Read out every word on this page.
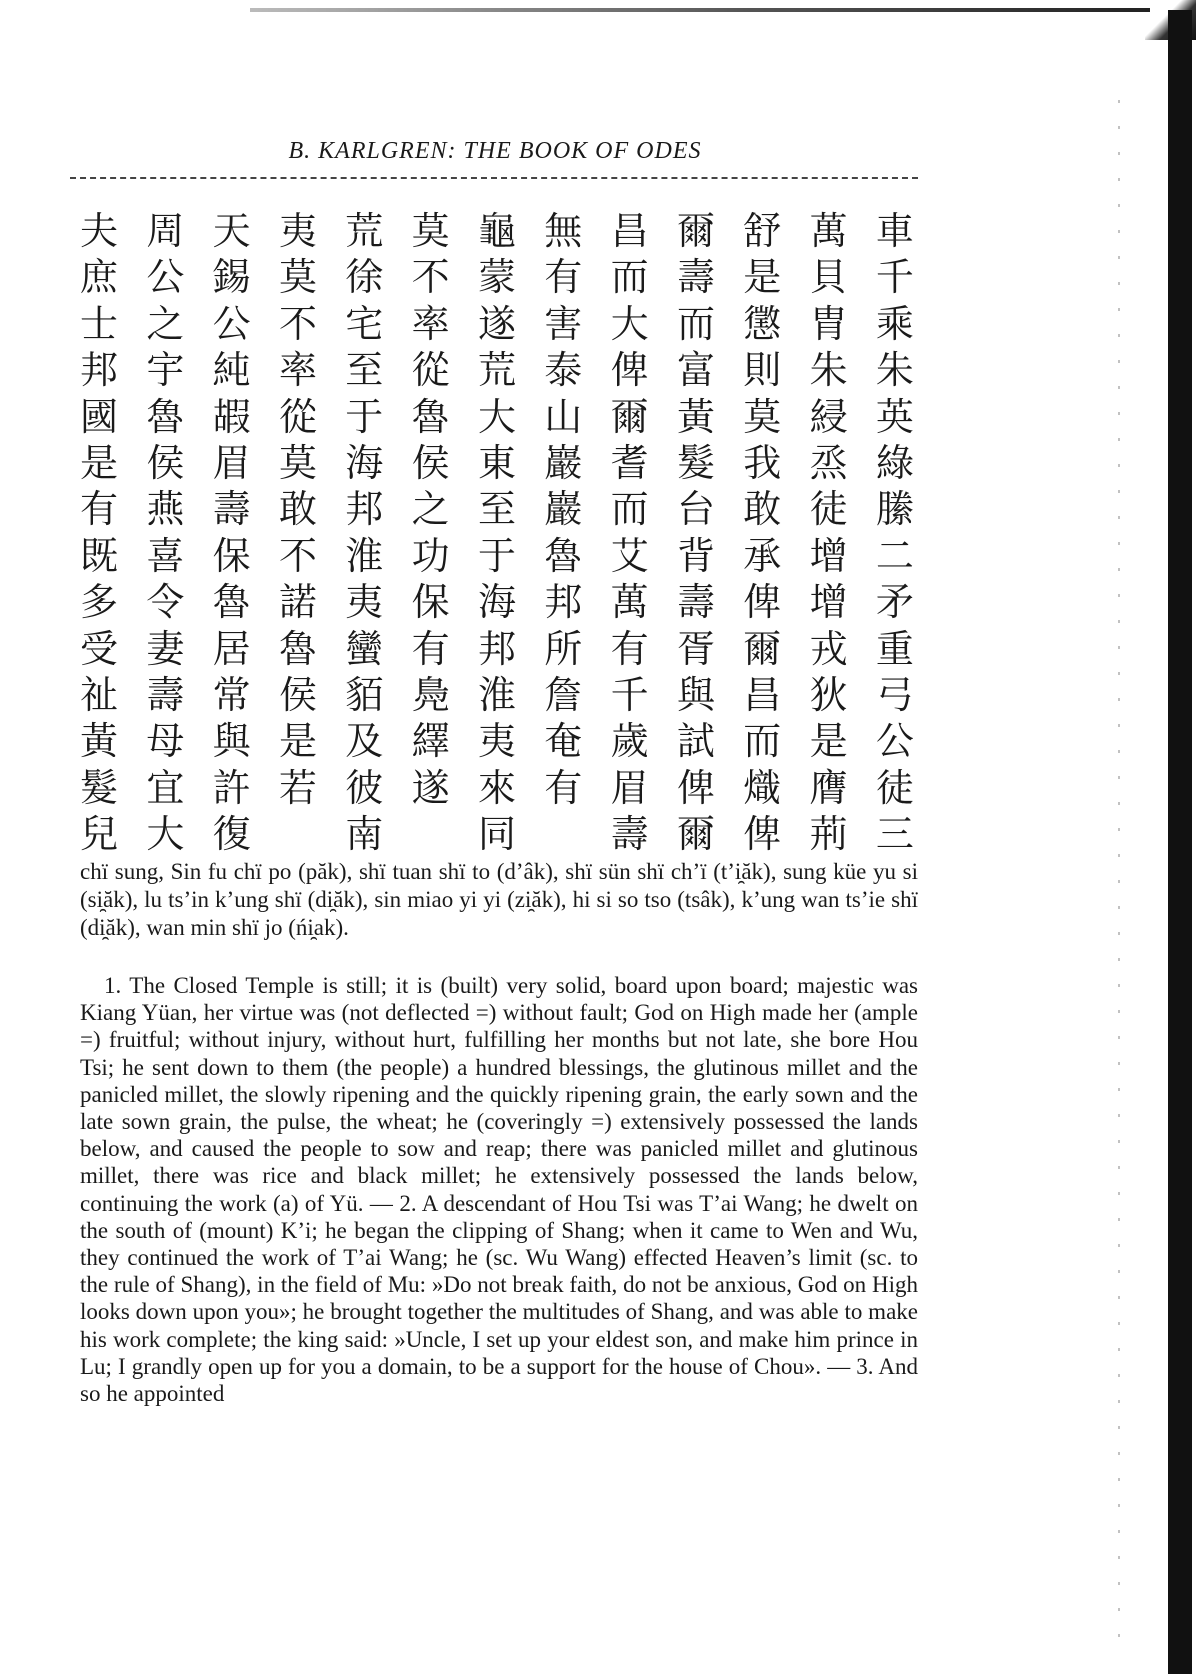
B. KARLGREN: THE BOOK OF ODES
車
千
乘
朱
英
綠
縢
二
矛
重
弓
公
徒
三
萬
貝
胄
朱
綅
烝
徒
增
增
戎
狄
是
膺
荊
舒
是
懲
則
莫
我
敢
承
俾
爾
昌
而
熾
俾
爾
壽
而
富
黃
髮
台
背
壽
胥
與
試
俾
爾
昌
而
大
俾
爾
耆
而
艾
萬
有
千
歲
眉
壽
無
有
害
泰
山
巖
巖
魯
邦
所
詹
奄
有
龜
蒙
遂
荒
大
東
至
于
海
邦
淮
夷
來
同
莫
不
率
從
魯
侯
之
功
保
有
鳧
繹
遂
荒
徐
宅
至
于
海
邦
淮
夷
蠻
貊
及
彼
南
夷
莫
不
率
從
莫
敢
不
諾
魯
侯
是
若
天
錫
公
純
嘏
眉
壽
保
魯
居
常
與
許
復
周
公
之
宇
魯
侯
燕
喜
令
妻
壽
母
宜
大
夫
庶
士
邦
國
是
有
既
多
受
祉
黃
髮
兒

chï sung, Sin fu chï po (păk), shï tuan shï to (d’âk), shï sün shï ch’ï (t’i̯ăk), sung küe yu si (si̯ăk), lu ts’in k’ung shï (di̯ăk), sin miao yi yi (zi̯ăk), hi si so tso (tsâk), k’ung wan ts’ie shï (di̯ăk), wan min shï jo (ńi̯ak).

1. The Closed Temple is still; it is (built) very solid, board upon board; majestic was Kiang Yüan, her virtue was (not deflected =) without fault; God on High made her (ample =) fruitful; without injury, without hurt, fulfilling her months but not late, she bore Hou Tsi; he sent down to them (the people) a hundred blessings, the glutinous millet and the panicled millet, the slowly ripening and the quickly ripening grain, the early sown and the late sown grain, the pulse, the wheat; he (coveringly =) extensively possessed the lands below, and caused the people to sow and reap; there was panicled millet and glutinous millet, there was rice and black millet; he extensively possessed the lands below, continuing the work (a) of Yü. — 2. A descendant of Hou Tsi was T’ai Wang; he dwelt on the south of (mount) K’i; he began the clipping of Shang; when it came to Wen and Wu, they continued the work of T’ai Wang; he (sc. Wu Wang) effected Heaven’s limit (sc. to the rule of Shang), in the field of Mu: »Do not break faith, do not be anxious, God on High looks down upon you»; he brought together the multitudes of Shang, and was able to make his work complete; the king said: »Uncle, I set up your eldest son, and make him prince in Lu; I grandly open up for you a domain, to be a support for the house of Chou». — 3. And so he appointed
